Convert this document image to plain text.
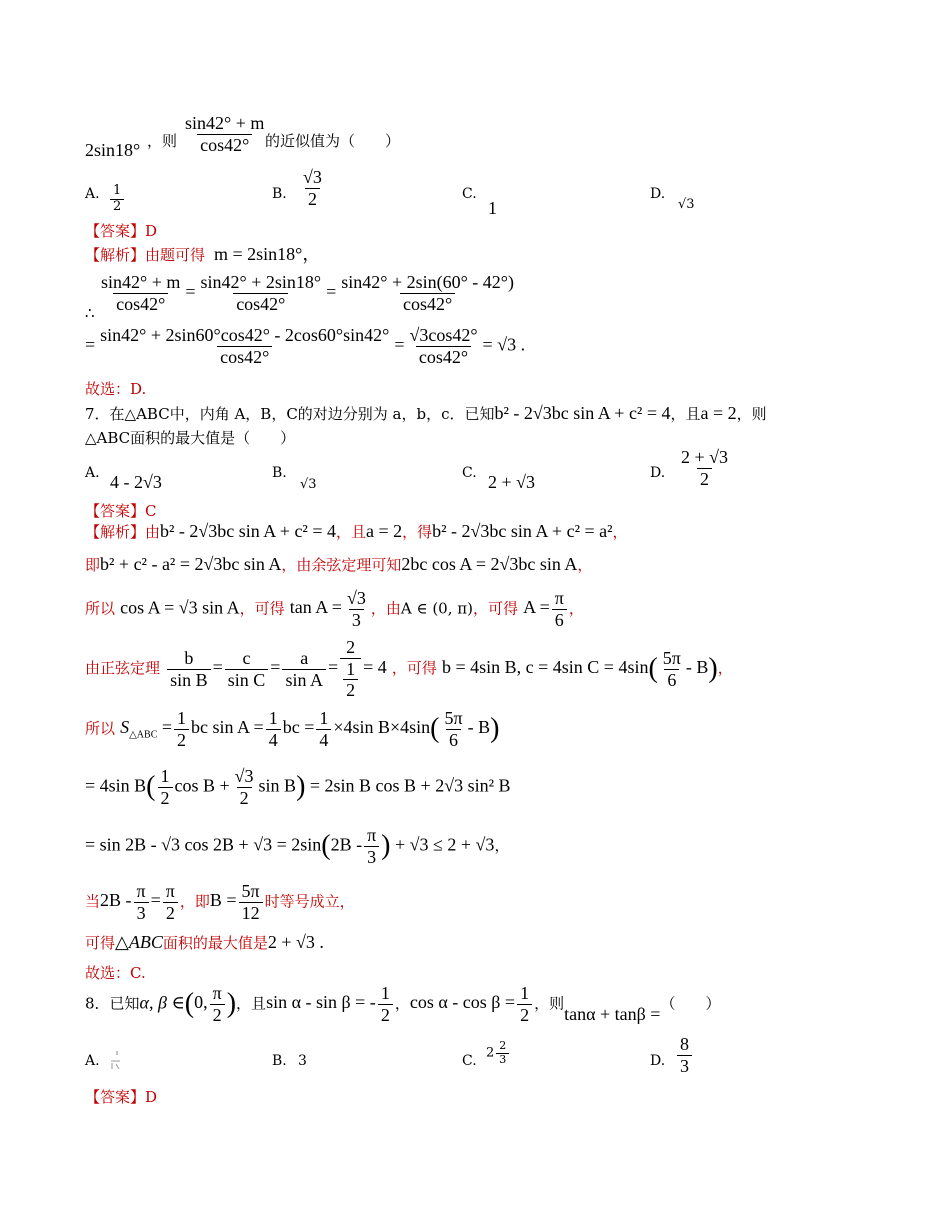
2sin18° ，则 $\frac{\sin 42^\circ + m}{\cos 42^\circ}$
的近似值为（　　）
A. $\frac{1}{2}$	B. $\frac{√3}{2}$	C.
1
D.
√3
【答案】D
【解析】由题可得 m = 2sin18°，
∴ $\frac{\sin 42^\circ + m}{\cos 42^\circ} = \frac{\sin 42^\circ + 2\sin 18^\circ}{\cos 42^\circ} = \frac{\sin 42^\circ + 2\sin(60^\circ - 42^\circ)}{\cos 42^\circ}$
= $\frac{\sin 42^\circ + 2\sin 60^\circ\cos 42^\circ - 2\cos 60^\circ\sin 42^\circ}{\cos 42^\circ} = \frac{√3\cos 42^\circ}{\cos 42^\circ} = √3$ .
故选：D.
7．在△ABC中，内角 A，B，C的对边分别为 a，b，c．已知b² - 2√3bc sin A + c² = 4，且a = 2，则
△ABC面积的最大值是（　　）
A. 4 - 2√3	B.
√3
C. 2 + √3	D. $\frac{2 + √3}{2}$
【答案】C
【解析】由b² - 2√3bc sin A + c² = 4，且a = 2，得b² - 2√3bc sin A + c² = a²，
即b² + c² - a² = 2√3bc sin A，由余弦定理可知2bc cos A = 2√3bc sin A，
所以 cos A = √3 sin A，可得 $\tan A = \frac{√3}{3}$ ，由A ∈ (0, π)，可得 $A = \frac{\pi}{6}$ ，
由正弦定理 $\frac{b}{\text{sin B}} = \frac{c}{\text{sin C}} = \frac{a}{\text{sin A}} = \frac{2}{\frac{1}{2}} = 4$ ，可得 b = 4sin B, c = 4sin $C = 4\sin( \frac{5\pi}{6} - B)$，
所以 $S_{\triangle ABC} = \frac{1}{2}$ bc $\sin A = \frac{1}{4}$ bc = $\frac{1}{4} \times 4\sin$ $B\times 4\sin( \frac{5\pi}{6} - B)$
= 4sin $B( \frac{1}{2}$ $\cos B + \frac{√3}{2}$ sin B) = 2sin B cos B + 2√3 sin² B
= sin 2B - √3 $\cos 2B + √3 = 2\sin(2B - \frac{\pi}{3}$ ) + √3 ≤ 2 + √3，
当$2B - \frac{\pi}{3} = \frac{\pi}{2}$ ，即$B = \frac{5\pi}{12}$ 时等号成立，
可得△ABC面积的最大值是2 + √3 .
故选：C.
8．已知α, β ∈(0, $\frac{\pi}{2}$ )，且sin α - sin β = - $\frac{1}{2}$ ，$\cos \alpha - \cos \beta = \frac{1}{2}$ ，则tanα + tanβ =（　　）
A.	B. 3	C. $2 \frac{2}{3}$	D. $\frac{8}{3}$
【答案】D
